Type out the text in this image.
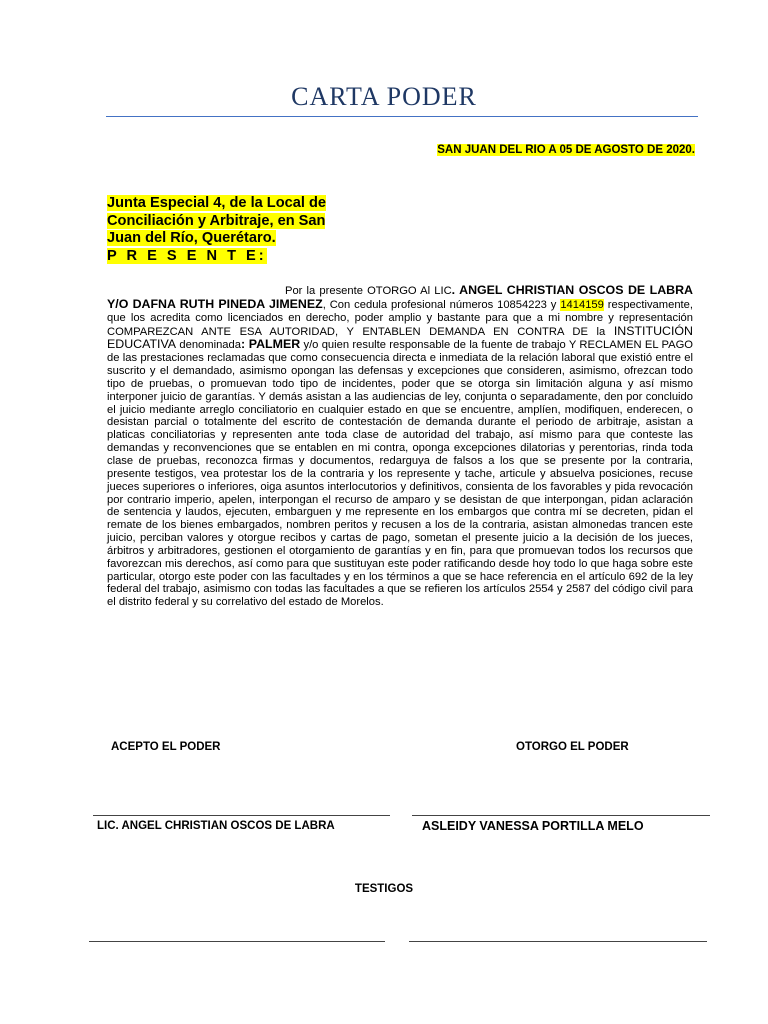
CARTA PODER
SAN JUAN DEL RIO A 05 DE AGOSTO DE 2020.
Junta Especial 4, de la Local de
Conciliación y Arbitraje, en San
Juan del Río, Querétaro.
P R E S E N T E:
Por la presente OTORGO Al LIC. ANGEL CHRISTIAN OSCOS DE LABRA Y/O DAFNA RUTH PINEDA JIMENEZ, Con cedula profesional números 10854223 y 1414159 respectivamente, que los acredita como licenciados en derecho, poder amplio y bastante para que a mi nombre y representación COMPAREZCAN ANTE ESA AUTORIDAD, Y ENTABLEN DEMANDA EN CONTRA DE la INSTITUCIÓN EDUCATIVA denominada: PALMER y/o quien resulte responsable de la fuente de trabajo Y RECLAMEN EL PAGO de las prestaciones reclamadas que como consecuencia directa e inmediata de la relación laboral que existió entre el suscrito y el demandado, asimismo opongan las defensas y excepciones que consideren, asimismo, ofrezcan todo tipo de pruebas, o promuevan todo tipo de incidentes, poder que se otorga sin limitación alguna y así mismo interponer juicio de garantías. Y demás asistan a las audiencias de ley, conjunta o separadamente, den por concluido el juicio mediante arreglo conciliatorio en cualquier estado en que se encuentre, amplíen, modifiquen, enderecen, o desistan parcial o totalmente del escrito de contestación de demanda durante el periodo de arbitraje, asistan a platicas conciliatorias y representen ante toda clase de autoridad del trabajo, así mismo para que conteste las demandas y reconvenciones que se entablen en mi contra, oponga excepciones dilatorias y perentorias, rinda toda clase de pruebas, reconozca firmas y documentos, redarguya de falsos a los que se presente por la contraria, presente testigos, vea protestar los de la contraria y los represente y tache, articule y absuelva posiciones, recuse jueces superiores o inferiores, oiga asuntos interlocutorios y definitivos, consienta de los favorables y pida revocación por contrario imperio, apelen, interpongan el recurso de amparo y se desistan de que interpongan, pidan aclaración de sentencia y laudos, ejecuten, embarguen y me represente en los embargos que contra mí se decreten, pidan el remate de los bienes embargados, nombren peritos y recusen a los de la contraria, asistan almonedas trancen este juicio, perciban valores y otorgue recibos y cartas de pago, sometan el presente juicio a la decisión de los jueces, árbitros y arbitradores, gestionen el otorgamiento de garantías y en fin, para que promuevan todos los recursos que favorezcan mis derechos, así como para que sustituyan este poder ratificando desde hoy todo lo que haga sobre este particular, otorgo este poder con las facultades y en los términos a que se hace referencia en el artículo 692 de la ley federal del trabajo, asimismo con todas las facultades a que se refieren los artículos 2554 y 2587 del código civil para el distrito federal y su correlativo del estado de Morelos.
ACEPTO EL PODER	OTORGO EL PODER
LIC. ANGEL CHRISTIAN OSCOS DE LABRA	ASLEIDY VANESSA PORTILLA MELO
TESTIGOS
